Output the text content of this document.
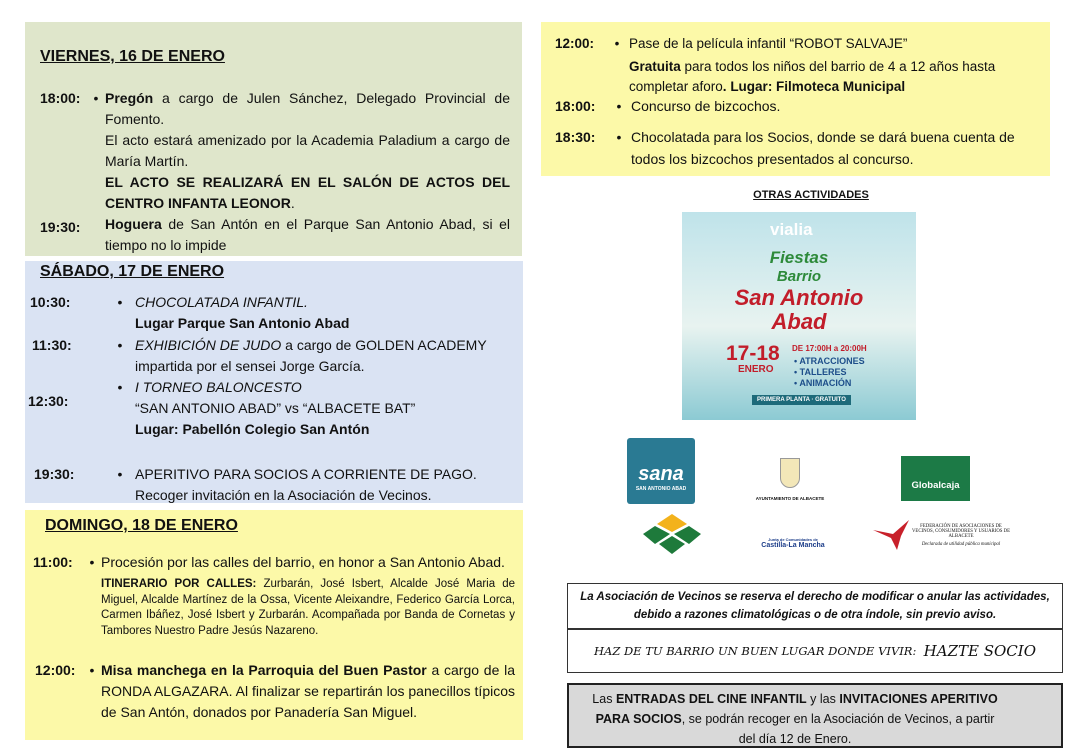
VIERNES, 16 DE ENERO
18:00: • Pregón a cargo de Julen Sánchez, Delegado Provincial de Fomento.
El acto estará amenizado por la Academia Paladium a cargo de María Martín.
EL ACTO SE REALIZARÁ EN EL SALÓN DE ACTOS DEL CENTRO INFANTA LEONOR.
19:30:	Hoguera de San Antón en el Parque San Antonio Abad, si el tiempo no lo impide
SÁBADO, 17 DE ENERO
10:30:	• CHOCOLATADA INFANTIL.
Lugar Parque San Antonio Abad
11:30:	• EXHIBICIÓN DE JUDO a cargo de GOLDEN ACADEMY impartida por el sensei Jorge García.
12:30:
• I TORNEO BALONCESTO
“SAN ANTONIO ABAD” vs “ALBACETE BAT”
Lugar: Pabellón Colegio San Antón
19:30:	• APERITIVO PARA SOCIOS A CORRIENTE DE PAGO.
Recoger invitación en la Asociación de Vecinos.
DOMINGO, 18 DE ENERO
11:00:	• Procesión por las calles del barrio, en honor a San Antonio Abad.
ITINERARIO POR CALLES: Zurbarán, José Isbert, Alcalde José Maria de Miguel, Alcalde Martínez de la Ossa, Vicente Aleixandre, Federico García Lorca, Carmen Ibáñez, José Isbert y Zurbarán. Acompañada por Banda de Cornetas y Tambores Nuestro Padre Jesús Nazareno.
12:00:	• Misa manchega en la Parroquia del Buen Pastor a cargo de la RONDA ALGAZARA. Al finalizar se repartirán los panecillos típicos de San Antón, donados por Panadería San Miguel.
12:00:	• Pase de la película infantil “ROBOT SALVAJE”
Gratuita para todos los niños del barrio de 4 a 12 años hasta completar aforo. Lugar: Filmoteca Municipal
18:00:	• Concurso de bizcochos.
18:30:	• Chocolatada para los Socios, donde se dará buena cuenta de todos los bizcochos presentados al concurso.
OTRAS ACTIVIDADES
vialia
Fiestas
Barrio
San Antonio
Abad
17-18
ENERO
DE 17:00H a 20:00H
• ATRACCIONES
• TALLERES
• ANIMACIÓN
PRIMERA PLANTA · GRATUITO
sana
SAN ANTONIO ABAD
AYUNTAMIENTO DE ALBACETE
Globalcaja
Junta de Comunidades de
Castilla-La Mancha
FEDERACIÓN DE ASOCIACIONES DE VECINOS, CONSUMIDORES Y USUARIOS DE ALBACETE
Declarada de utilidad pública municipal
La Asociación de Vecinos se reserva el derecho de modificar o anular las actividades, debido a razones climatológicas o de otra índole, sin previo aviso.
HAZ DE TU BARRIO UN BUEN LUGAR DONDE VIVIR:
HAZTE SOCIO
Las ENTRADAS DEL CINE INFANTIL y las INVITACIONES APERITIVO PARA SOCIOS, se podrán recoger en la Asociación de Vecinos, a partir del día 12 de Enero.
